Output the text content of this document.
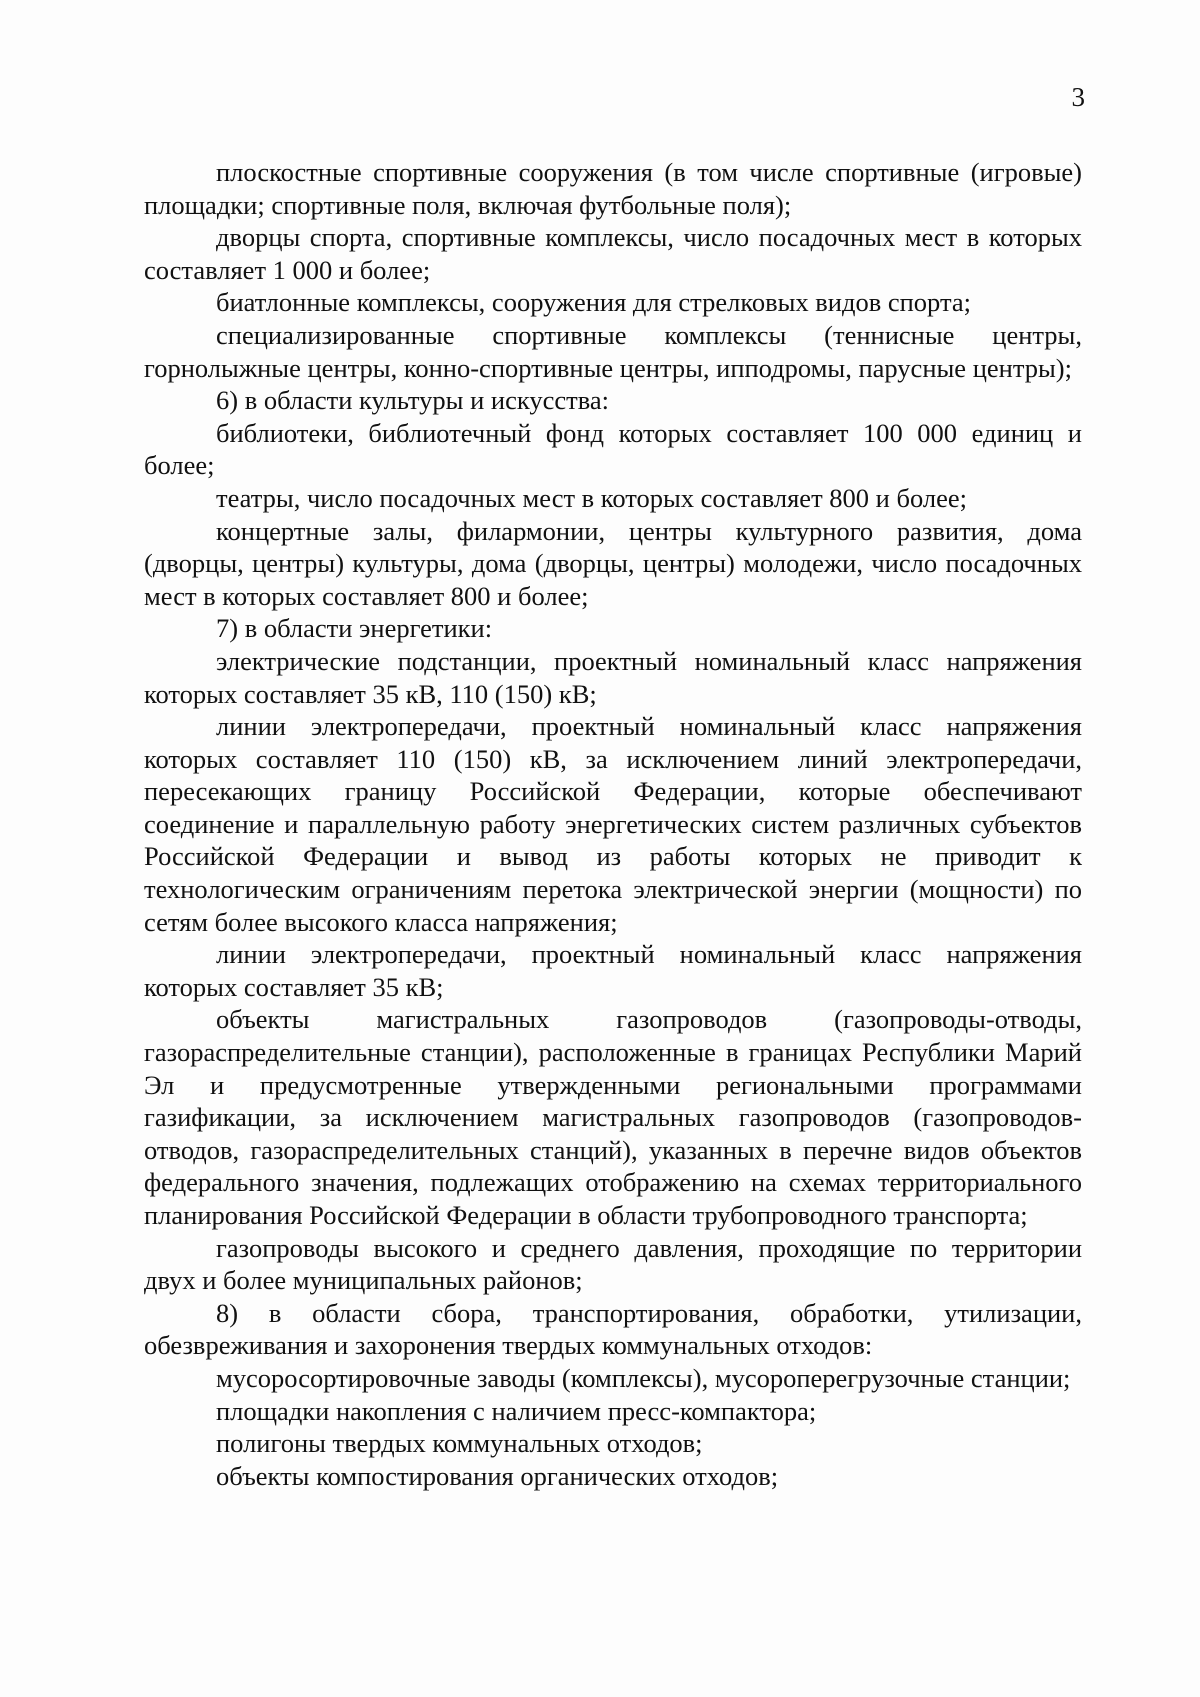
3

плоскостные спортивные сооружения (в том числе спортивные (игровые) площадки; спортивные поля, включая футбольные поля);

дворцы спорта, спортивные комплексы, число посадочных мест в которых составляет 1 000 и более;

биатлонные комплексы, сооружения для стрелковых видов спорта;

специализированные спортивные комплексы (теннисные центры, горнолыжные центры, конно-спортивные центры, ипподромы, парусные центры);

6) в области культуры и искусства:

библиотеки, библиотечный фонд которых составляет 100 000 единиц и более;

театры, число посадочных мест в которых составляет 800 и более;

концертные залы, филармонии, центры культурного развития, дома (дворцы, центры) культуры, дома (дворцы, центры) молодежи, число посадочных мест в которых составляет 800 и более;

7) в области энергетики:

электрические подстанции, проектный номинальный класс напряжения которых составляет 35 кВ, 110 (150) кВ;

линии электропередачи, проектный номинальный класс напряжения которых составляет 110 (150) кВ, за исключением линий электропередачи, пересекающих границу Российской Федерации, которые обеспечивают соединение и параллельную работу энергетических систем различных субъектов Российской Федерации и вывод из работы которых не приводит к технологическим ограничениям перетока электрической энергии (мощности) по сетям более высокого класса напряжения;

линии электропередачи, проектный номинальный класс напряжения которых составляет 35 кВ;

объекты магистральных газопроводов (газопроводы-отводы, газораспределительные станции), расположенные в границах Республики Марий Эл и предусмотренные утвержденными региональными программами газификации, за исключением магистральных газопроводов (газопроводов-отводов, газораспределительных станций), указанных в перечне видов объектов федерального значения, подлежащих отображению на схемах территориального планирования Российской Федерации в области трубопроводного транспорта;

газопроводы высокого и среднего давления, проходящие по территории двух и более муниципальных районов;

8) в области сбора, транспортирования, обработки, утилизации, обезвреживания и захоронения твердых коммунальных отходов:

мусоросортировочные заводы (комплексы), мусороперегрузочные станции;

площадки накопления с наличием пресс-компактора;

полигоны твердых коммунальных отходов;

объекты компостирования органических отходов;
